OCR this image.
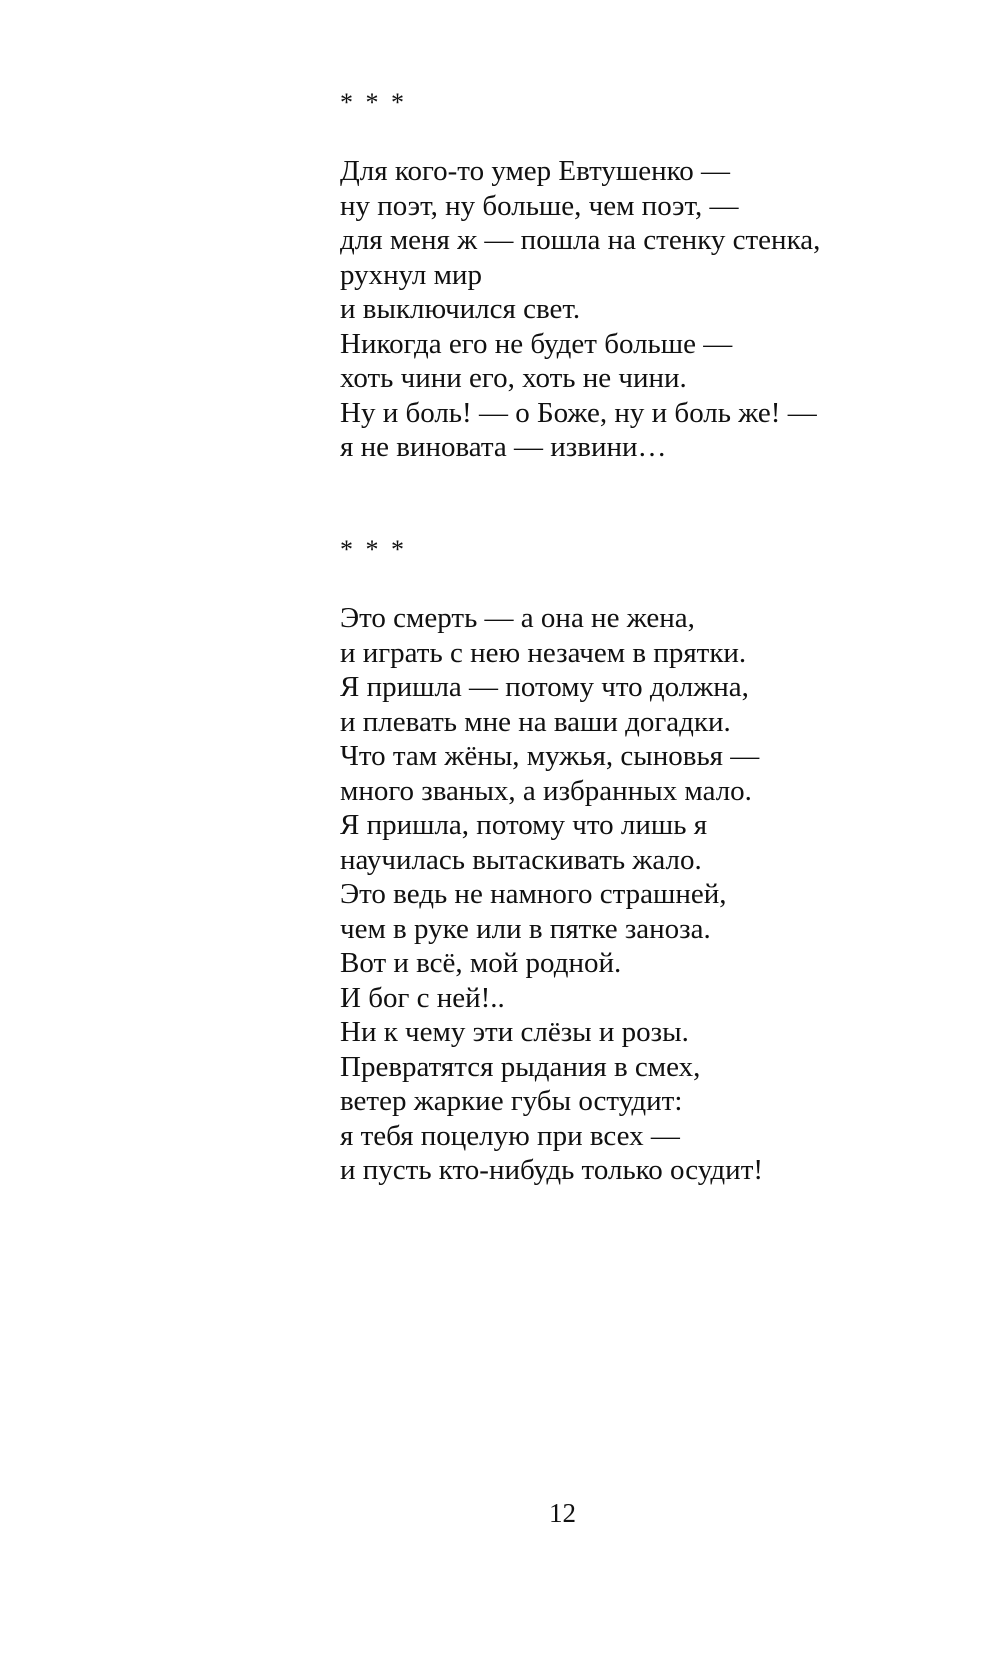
* * *
Для кого-то умер Евтушенко —
ну поэт, ну больше, чем поэт, —
для меня ж — пошла на стенку стенка,
рухнул мир
и выключился свет.
Никогда его не будет больше —
хоть чини его, хоть не чини.
Ну и боль! — о Боже, ну и боль же! —
я не виновата — извини…
* * *
Это смерть — а она не жена,
и играть с нею незачем в прятки.
Я пришла — потому что должна,
и плевать мне на ваши догадки.
Что там жёны, мужья, сыновья —
много званых, а избранных мало.
Я пришла, потому что лишь я
научилась вытаскивать жало.
Это ведь не намного страшней,
чем в руке или в пятке заноза.
Вот и всё, мой родной.
И бог с ней!..
Ни к чему эти слёзы и розы.
Превратятся рыдания в смех,
ветер жаркие губы остудит:
я тебя поцелую при всех —
и пусть кто-нибудь только осудит!
12
